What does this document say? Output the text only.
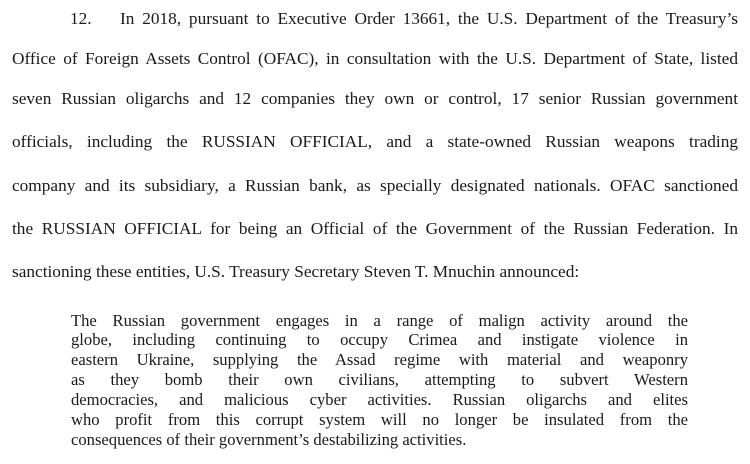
12. In 2018, pursuant to Executive Order 13661, the U.S. Department of the Treasury’s
Office of Foreign Assets Control (OFAC), in consultation with the U.S. Department of State, listed
seven Russian oligarchs and 12 companies they own or control, 17 senior Russian government
officials, including the RUSSIAN OFFICIAL, and a state-owned Russian weapons trading
company and its subsidiary, a Russian bank, as specially designated nationals. OFAC sanctioned
the RUSSIAN OFFICIAL for being an Official of the Government of the Russian Federation. In
sanctioning these entities, U.S. Treasury Secretary Steven T. Mnuchin announced:
The Russian government engages in a range of malign activity around the
globe, including continuing to occupy Crimea and instigate violence in
eastern Ukraine, supplying the Assad regime with material and weaponry
as they bomb their own civilians, attempting to subvert Western
democracies, and malicious cyber activities. Russian oligarchs and elites
who profit from this corrupt system will no longer be insulated from the
consequences of their government’s destabilizing activities.
